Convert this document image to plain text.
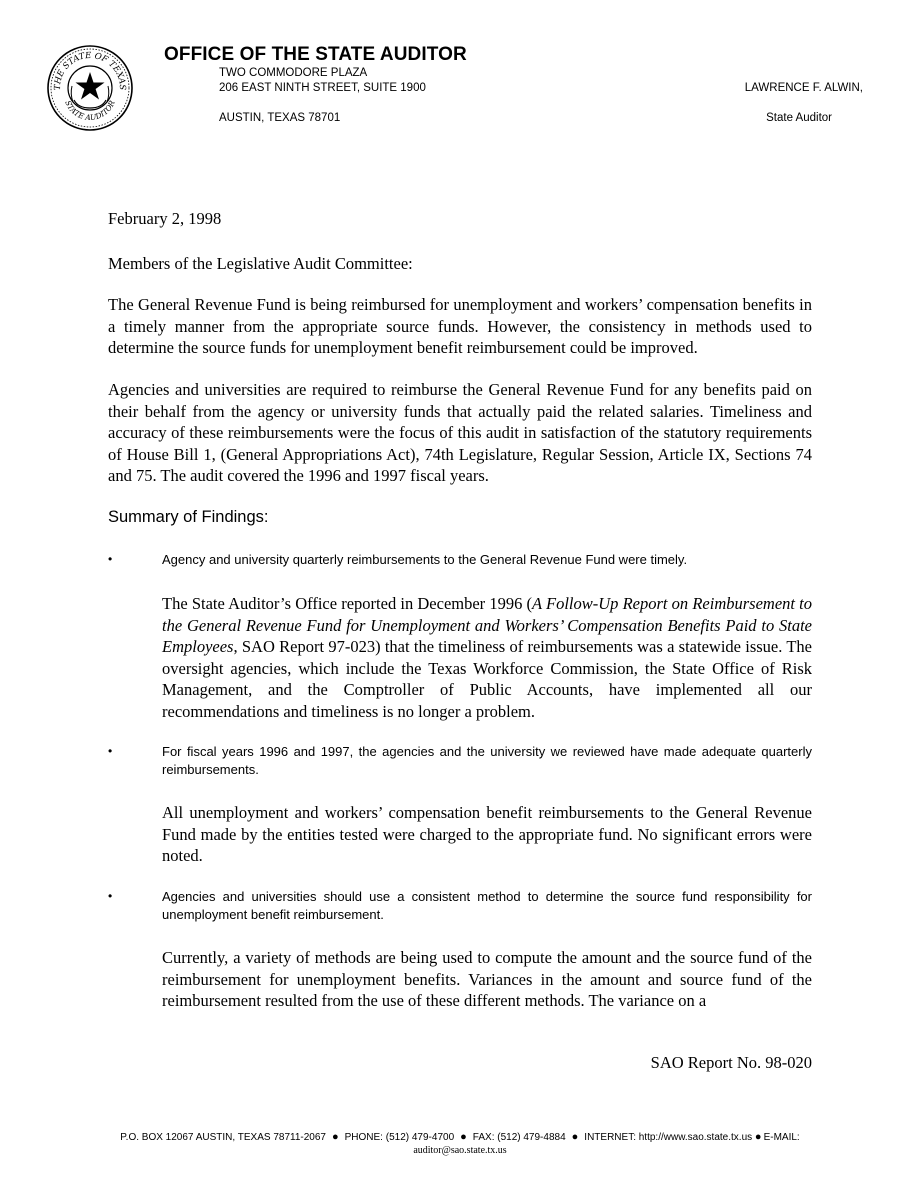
THE STATE OF TEXAS
STATE AUDITOR
OFFICE OF THE STATE AUDITOR
TWO COMMODORE PLAZA
206 EAST NINTH STREET, SUITE 1900
AUSTIN, TEXAS 78701
LAWRENCE F. ALWIN,
State Auditor
February 2, 1998
Members of the Legislative Audit Committee:

The General Revenue Fund is being reimbursed for unemployment and workers’ compensation benefits in a timely manner from the appropriate source funds. However, the consistency in methods used to determine the source funds for unemployment benefit reimbursement could be improved.

Agencies and universities are required to reimburse the General Revenue Fund for any benefits paid on their behalf from the agency or university funds that actually paid the related salaries. Timeliness and accuracy of these reimbursements were the focus of this audit in satisfaction of the statutory requirements of House Bill 1, (General Appropriations Act), 74th Legislature, Regular Session, Article IX, Sections 74 and 75. The audit covered the 1996 and 1997 fiscal years.

Summary of Findings:
•	Agency and university quarterly reimbursements to the General Revenue Fund were timely.

The State Auditor’s Office reported in December 1996 (A Follow-Up Report on Reimbursement to the General Revenue Fund for Unemployment and Workers’ Compensation Benefits Paid to State Employees, SAO Report 97-023) that the timeliness of reimbursements was a statewide issue. The oversight agencies, which include the Texas Workforce Commission, the State Office of Risk Management, and the Comptroller of Public Accounts, have implemented all our recommendations and timeliness is no longer a problem.

•	For fiscal years 1996 and 1997, the agencies and the university we reviewed have made adequate quarterly reimbursements.

All unemployment and workers’ compensation benefit reimbursements to the General Revenue Fund made by the entities tested were charged to the appropriate fund. No significant errors were noted.

•	Agencies and universities should use a consistent method to determine the source fund responsibility for unemployment benefit reimbursement.

Currently, a variety of methods are being used to compute the amount and the source fund of the reimbursement for unemployment benefits. Variances in the amount and source fund of the reimbursement resulted from the use of these different methods. The variance on a

SAO Report No. 98-020
P.O. BOX 12067 AUSTIN, TEXAS 78711-2067 ● PHONE: (512) 479-4700 ● FAX: (512) 479-4884 ● INTERNET: http://www.sao.state.tx.us ● E-MAIL:
auditor@sao.state.tx.us
